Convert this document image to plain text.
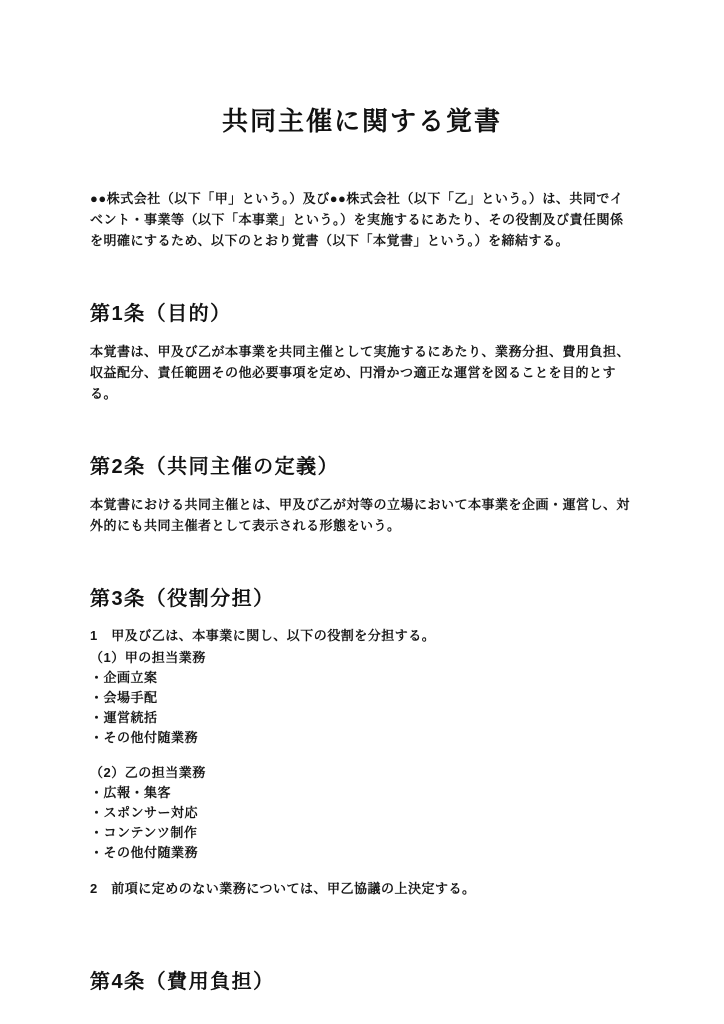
共同主催に関する覚書

●●株式会社（以下「甲」という。）及び●●株式会社（以下「乙」という。）は、共同でイベント・事業等（以下「本事業」という。）を実施するにあたり、その役割及び責任関係を明確にするため、以下のとおり覚書（以下「本覚書」という。）を締結する。

第1条（目的）

本覚書は、甲及び乙が本事業を共同主催として実施するにあたり、業務分担、費用負担、収益配分、責任範囲その他必要事項を定め、円滑かつ適正な運営を図ることを目的とする。

第2条（共同主催の定義）

本覚書における共同主催とは、甲及び乙が対等の立場において本事業を企画・運営し、対外的にも共同主催者として表示される形態をいう。

第3条（役割分担）
1　甲及び乙は、本事業に関し、以下の役割を分担する。
（1）甲の担当業務
・企画立案
・会場手配
・運営統括
・その他付随業務
（2）乙の担当業務
・広報・集客
・スポンサー対応
・コンテンツ制作
・その他付随業務
2　前項に定めのない業務については、甲乙協議の上決定する。
第4条（費用負担）
